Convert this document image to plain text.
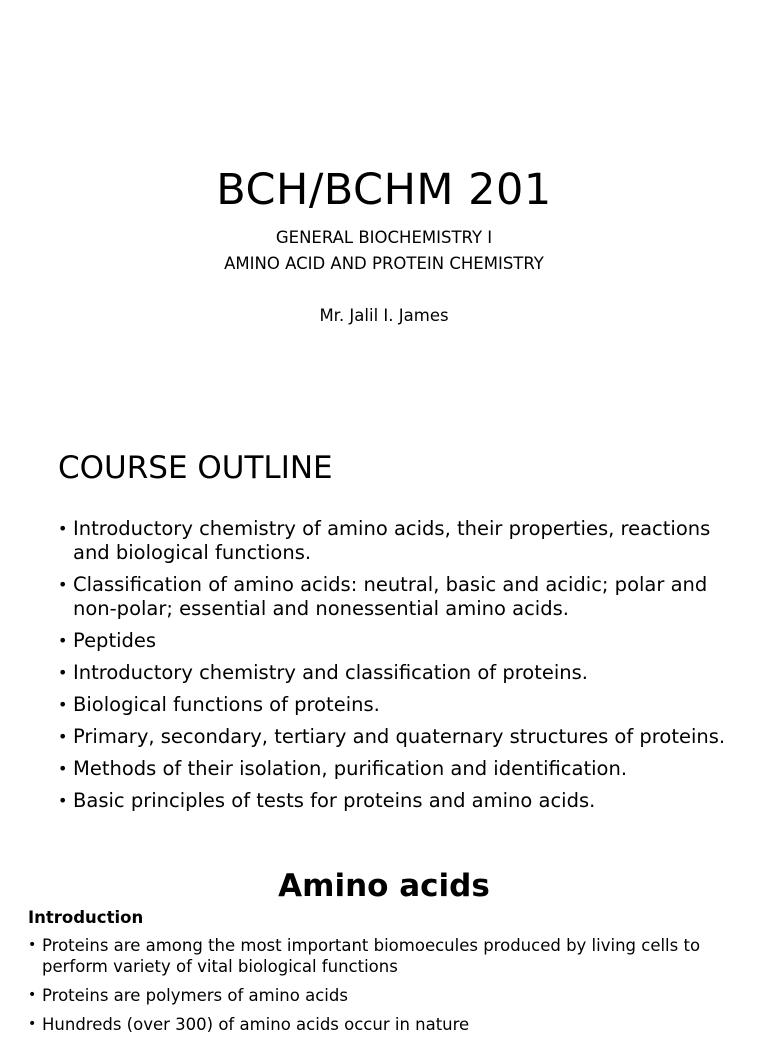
BCH/BCHM 201
GENERAL BIOCHEMISTRY I
AMINO ACID AND PROTEIN CHEMISTRY
Mr. Jalil I. James
COURSE OUTLINE
• Introductory chemistry of amino acids, their properties, reactions and biological functions.
• Classification of amino acids: neutral, basic and acidic; polar and non-polar; essential and nonessential amino acids.
• Peptides
• Introductory chemistry and classification of proteins.
• Biological functions of proteins.
• Primary, secondary, tertiary and quaternary structures of proteins.
• Methods of their isolation, purification and identification.
• Basic principles of tests for proteins and amino acids.
Amino acids
Introduction
• Proteins are among the most important biomoecules produced by living cells to perform variety of vital biological functions
• Proteins are polymers of amino acids
• Hundreds (over 300) of amino acids occur in nature
